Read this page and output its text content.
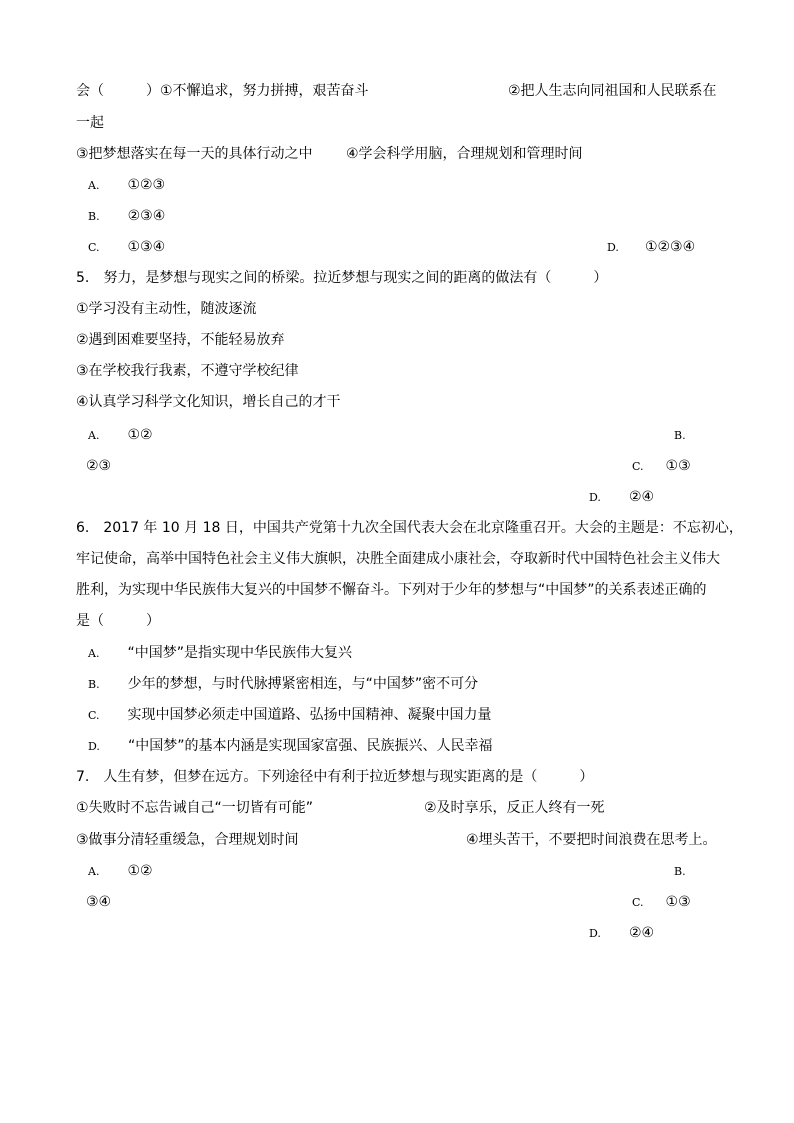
会（　　　）①不懈追求，努力拼搏，艰苦奋斗	②把人生志向同祖国和人民联系在
一起
③把梦想落实在每一天的具体行动之中 ④学会科学用脑，合理规划和管理时间
A. ①②③
B. ②③④
C. ①③④	D. ①②③④
5.　努力，是梦想与现实之间的桥梁。拉近梦想与现实之间的距离的做法有（　　　）
①学习没有主动性，随波逐流
②遇到困难要坚持，不能轻易放弃
③在学校我行我素，不遵守学校纪律
④认真学习科学文化知识，增长自己的才干
A. ①②	B.
②③	C. ①③
D. ②④
6.　2017 年 10 月 18 日，中国共产党第十九次全国代表大会在北京隆重召开。大会的主题是：不忘初心，
牢记使命，高举中国特色社会主义伟大旗帜，决胜全面建成小康社会，夺取新时代中国特色社会主义伟大
胜利，为实现中华民族伟大复兴的中国梦不懈奋斗。下列对于少年的梦想与“中国梦”的关系表述正确的
是（　　　）
A. “中国梦”是指实现中华民族伟大复兴
B. 少年的梦想，与时代脉搏紧密相连，与“中国梦”密不可分
C. 实现中国梦必须走中国道路、弘扬中国精神、凝聚中国力量
D. “中国梦”的基本内涵是实现国家富强、民族振兴、人民幸福
7.　人生有梦，但梦在远方。下列途径中有利于拉近梦想与现实距离的是（　　　）
①失败时不忘告诫自己“一切皆有可能”	②及时享乐，反正人终有一死
③做事分清轻重缓急，合理规划时间	④埋头苦干，不要把时间浪费在思考上。
A. ①②	B.
③④	C. ①③
D. ②④
